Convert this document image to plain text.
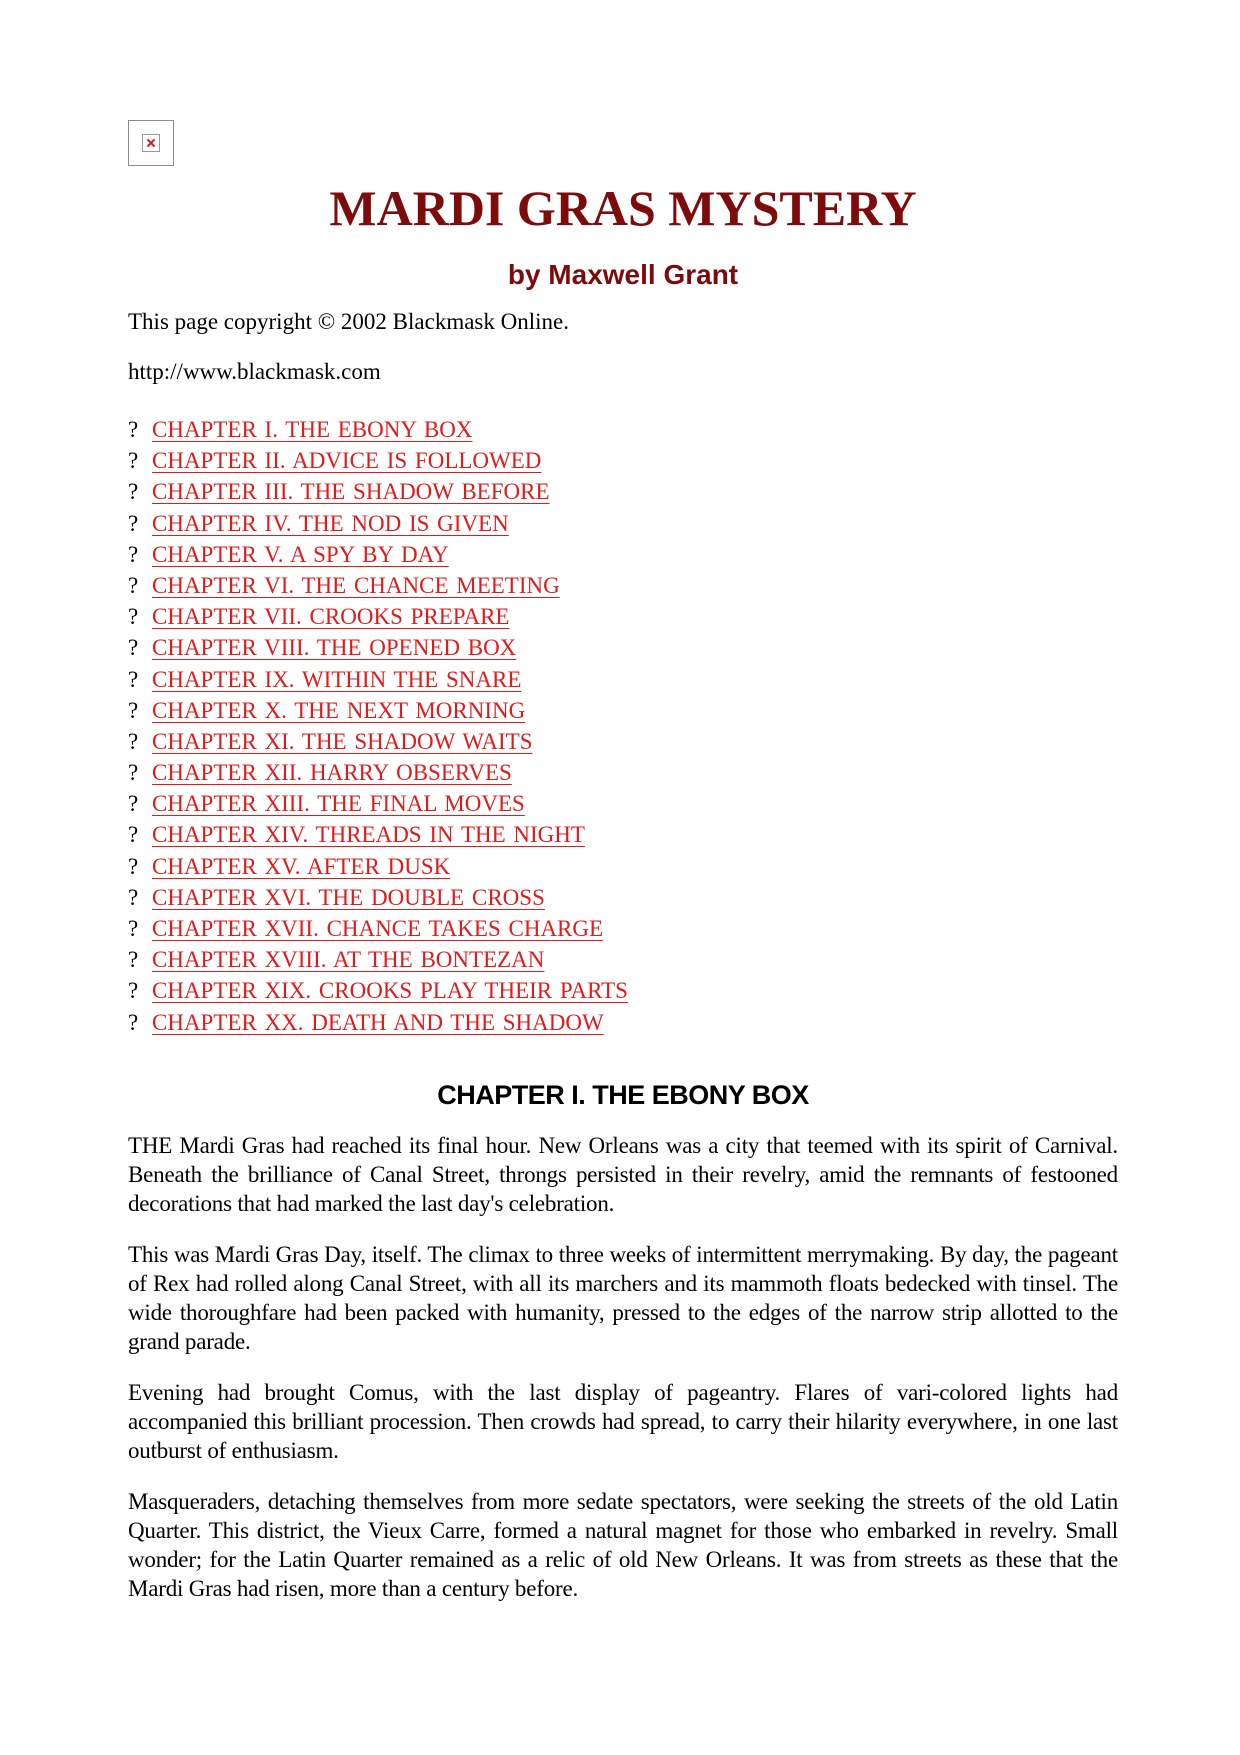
MARDI GRAS MYSTERY
by Maxwell Grant

This page copyright © 2002 Blackmask Online.

http://www.blackmask.com

? CHAPTER I. THE EBONY BOX
? CHAPTER II. ADVICE IS FOLLOWED
? CHAPTER III. THE SHADOW BEFORE
? CHAPTER IV. THE NOD IS GIVEN
? CHAPTER V. A SPY BY DAY
? CHAPTER VI. THE CHANCE MEETING
? CHAPTER VII. CROOKS PREPARE
? CHAPTER VIII. THE OPENED BOX
? CHAPTER IX. WITHIN THE SNARE
? CHAPTER X. THE NEXT MORNING
? CHAPTER XI. THE SHADOW WAITS
? CHAPTER XII. HARRY OBSERVES
? CHAPTER XIII. THE FINAL MOVES
? CHAPTER XIV. THREADS IN THE NIGHT
? CHAPTER XV. AFTER DUSK
? CHAPTER XVI. THE DOUBLE CROSS
? CHAPTER XVII. CHANCE TAKES CHARGE
? CHAPTER XVIII. AT THE BONTEZAN
? CHAPTER XIX. CROOKS PLAY THEIR PARTS
? CHAPTER XX. DEATH AND THE SHADOW
CHAPTER I. THE EBONY BOX

THE Mardi Gras had reached its final hour. New Orleans was a city that teemed with its spirit of Carnival. Beneath the brilliance of Canal Street, throngs persisted in their revelry, amid the remnants of festooned decorations that had marked the last day's celebration.

This was Mardi Gras Day, itself. The climax to three weeks of intermittent merrymaking. By day, the pageant of Rex had rolled along Canal Street, with all its marchers and its mammoth floats bedecked with tinsel. The wide thoroughfare had been packed with humanity, pressed to the edges of the narrow strip allotted to the grand parade.

Evening had brought Comus, with the last display of pageantry. Flares of vari-colored lights had accompanied this brilliant procession. Then crowds had spread, to carry their hilarity everywhere, in one last outburst of enthusiasm.

Masqueraders, detaching themselves from more sedate spectators, were seeking the streets of the old Latin Quarter. This district, the Vieux Carre, formed a natural magnet for those who embarked in revelry. Small wonder; for the Latin Quarter remained as a relic of old New Orleans. It was from streets as these that the Mardi Gras had risen, more than a century before.
